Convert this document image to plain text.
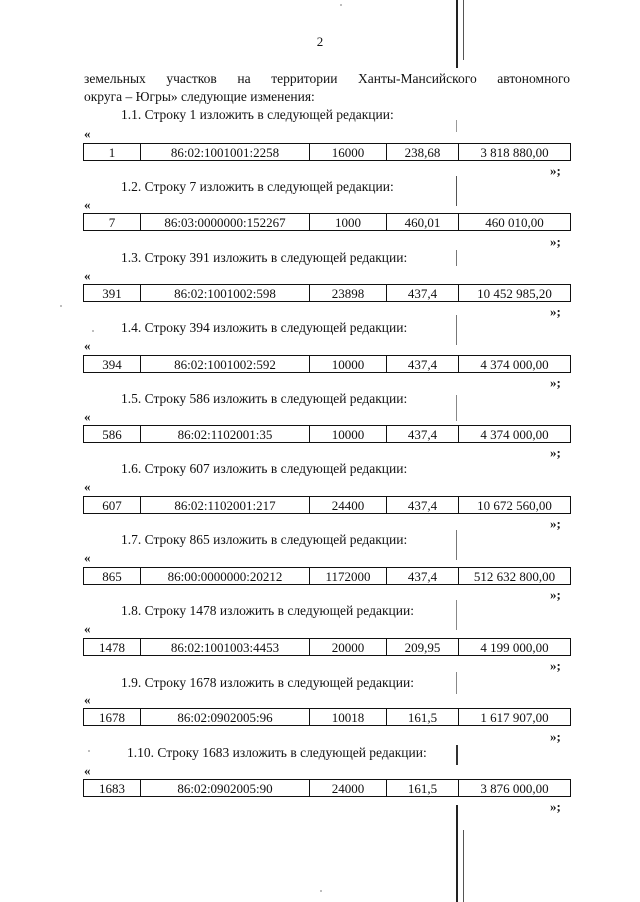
2
земельных участков на территории Ханты-Мансийского автономного
округа – Югры» следующие изменения:
1.1. Строку 1 изложить в следующей редакции:
«
1	86:02:1001001:2258	16000	238,68	3 818 880,00
»;
1.2. Строку 7 изложить в следующей редакции:
«
7	86:03:0000000:152267	1000	460,01	460 010,00
»;
1.3. Строку 391 изложить в следующей редакции:
«
391	86:02:1001002:598	23898	437,4	10 452 985,20
»;
1.4. Строку 394 изложить в следующей редакции:
«
394	86:02:1001002:592	10000	437,4	4 374 000,00
»;
1.5. Строку 586 изложить в следующей редакции:
«
586	86:02:1102001:35	10000	437,4	4 374 000,00
»;
1.6. Строку 607 изложить в следующей редакции:
«
607	86:02:1102001:217	24400	437,4	10 672 560,00
»;
1.7. Строку 865 изложить в следующей редакции:
«
865	86:00:0000000:20212	1172000	437,4	512 632 800,00
»;
1.8. Строку 1478 изложить в следующей редакции:
«
1478	86:02:1001003:4453	20000	209,95	4 199 000,00
»;
1.9. Строку 1678 изложить в следующей редакции:
«
1678	86:02:0902005:96	10018	161,5	1 617 907,00
»;
1.10. Строку 1683 изложить в следующей редакции:
«
1683	86:02:0902005:90	24000	161,5	3 876 000,00
»;
